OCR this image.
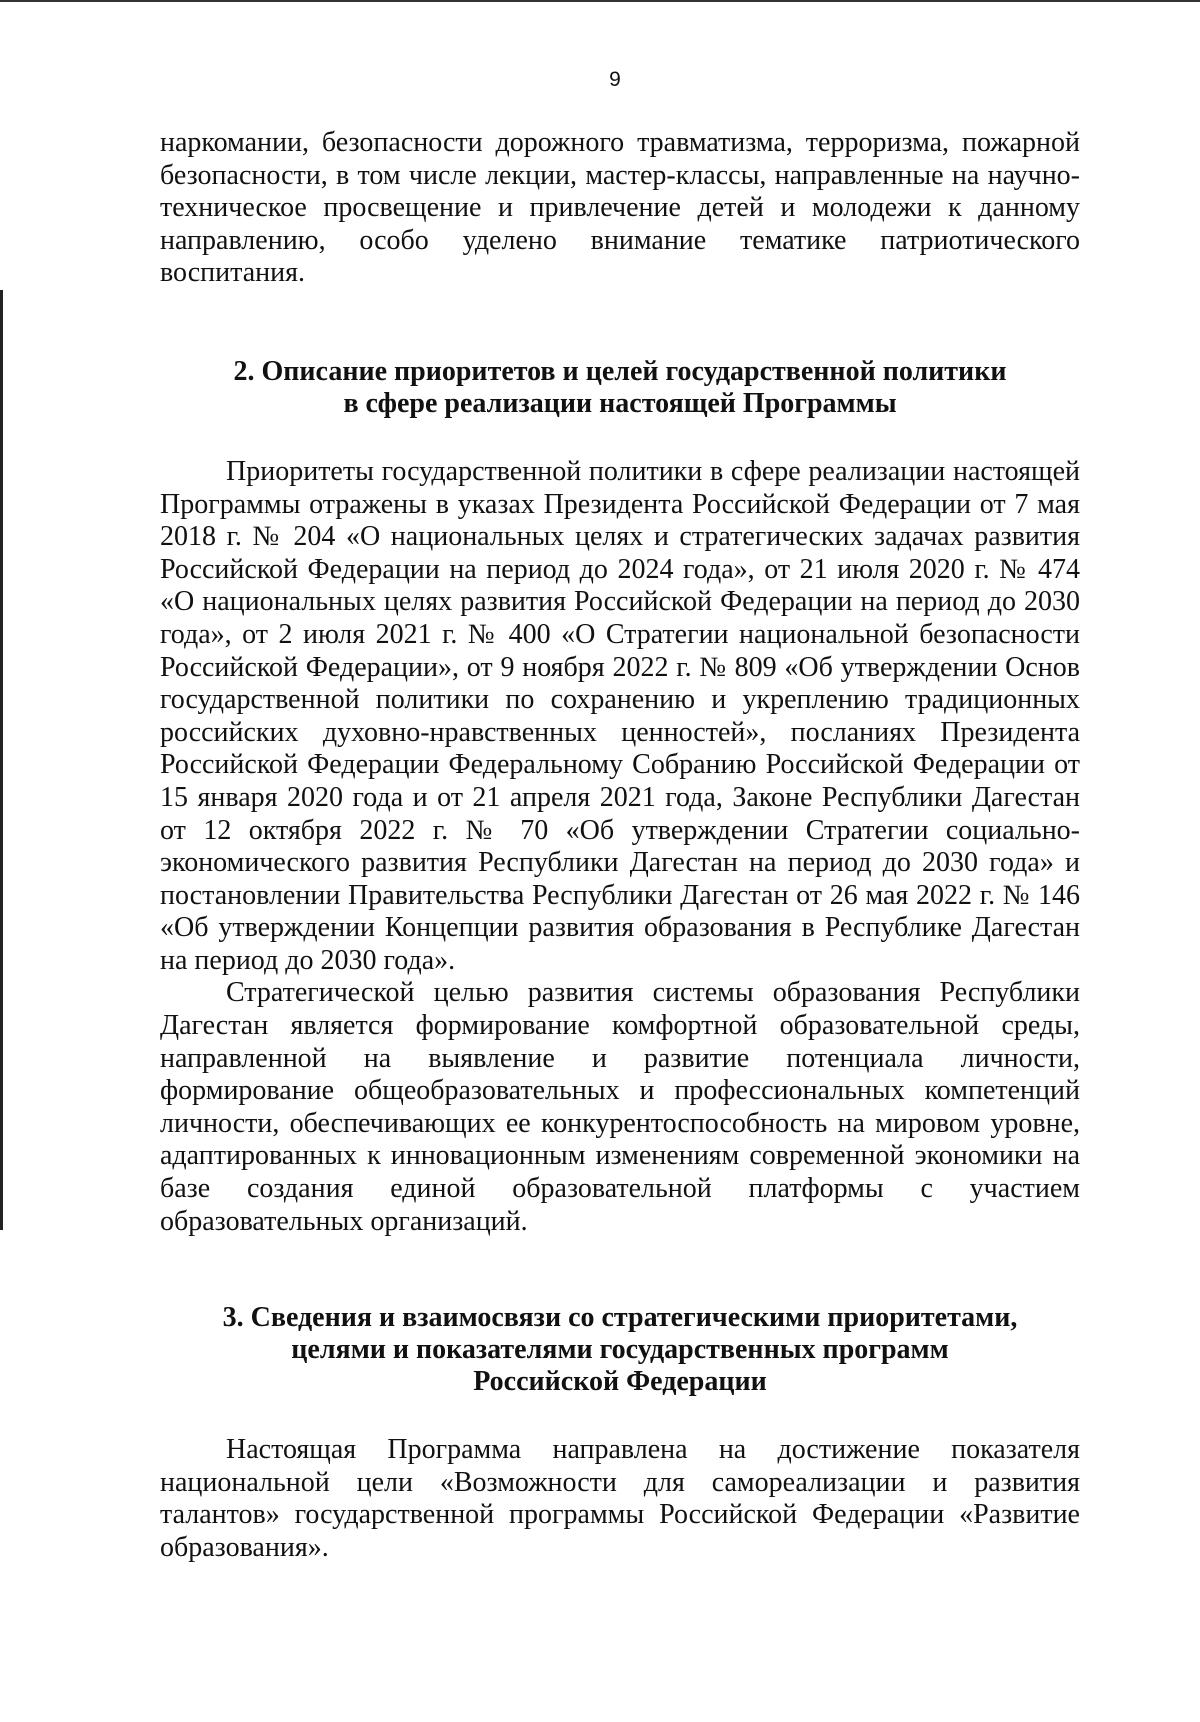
9

наркомании, безопасности дорожного травматизма, терроризма, пожарной безопасности, в том числе лекции, мастер-классы, направленные на научно-техническое просвещение и привлечение детей и молодежи к данному направлению, особо уделено внимание тематике патриотического воспитания.

2. Описание приоритетов и целей государственной политики
в сфере реализации настоящей Программы

Приоритеты государственной политики в сфере реализации настоящей Программы отражены в указах Президента Российской Федерации от 7 мая 2018 г. № 204 «О национальных целях и стратегических задачах развития Российской Федерации на период до 2024 года», от 21 июля 2020 г. № 474 «О национальных целях развития Российской Федерации на период до 2030 года», от 2 июля 2021 г. № 400 «О Стратегии национальной безопасности Российской Федерации», от 9 ноября 2022 г. № 809 «Об утверждении Основ государственной политики по сохранению и укреплению традиционных российских духовно-нравственных ценностей», посланиях Президента Российской Федерации Федеральному Собранию Российской Федерации от 15 января 2020 года и от 21 апреля 2021 года, Законе Республики Дагестан от 12 октября 2022 г. № 70 «Об утверждении Стратегии социально-экономического развития Республики Дагестан на период до 2030 года» и постановлении Правительства Республики Дагестан от 26 мая 2022 г. № 146 «Об утверждении Концепции развития образования в Республике Дагестан на период до 2030 года».

Стратегической целью развития системы образования Республики Дагестан является формирование комфортной образовательной среды, направленной на выявление и развитие потенциала личности, формирование общеобразовательных и профессиональных компетенций личности, обеспечивающих ее конкурентоспособность на мировом уровне, адаптированных к инновационным изменениям современной экономики на базе создания единой образовательной платформы с участием образовательных организаций.

3. Сведения и взаимосвязи со стратегическими приоритетами,
целями и показателями государственных программ
Российской Федерации

Настоящая Программа направлена на достижение показателя национальной цели «Возможности для самореализации и развития талантов» государственной программы Российской Федерации «Развитие образования».
